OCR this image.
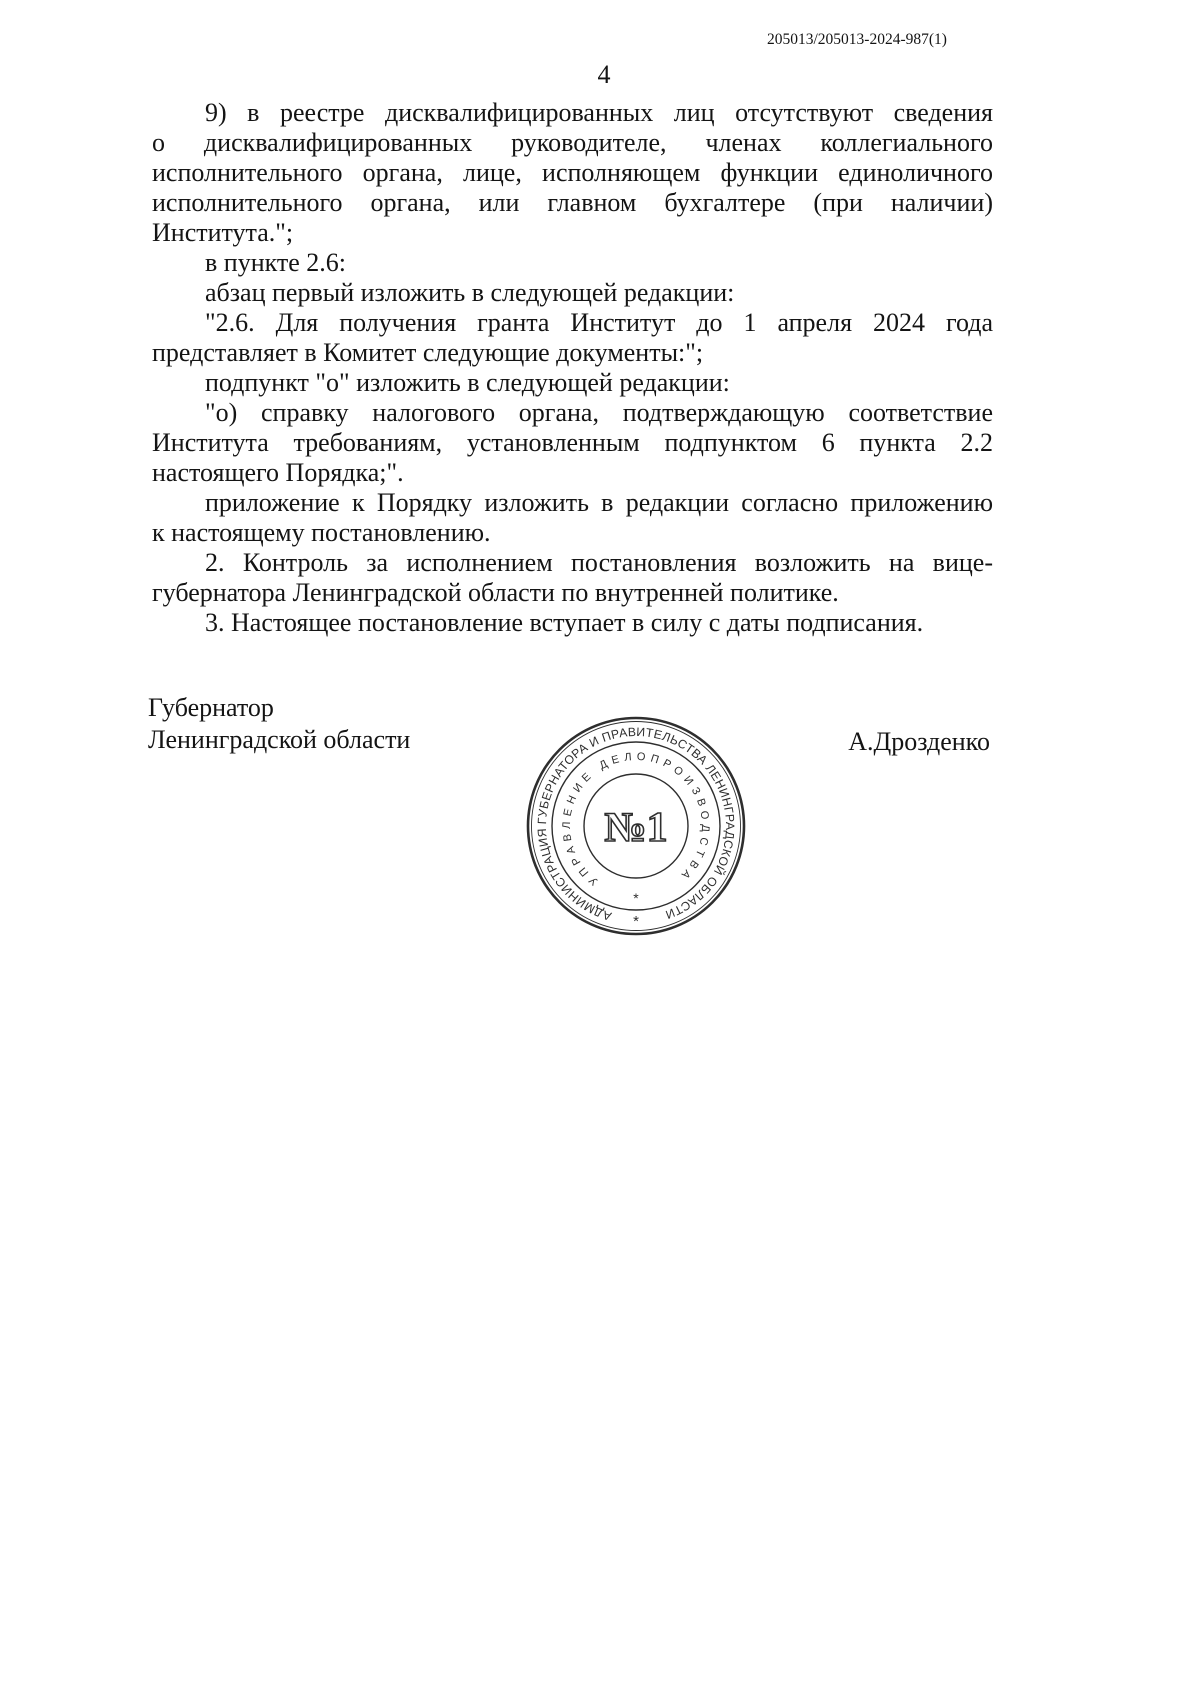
205013/205013-2024-987(1)
4
9) в реестре дисквалифицированных лиц отсутствуют сведения
о дисквалифицированных руководителе, членах коллегиального
исполнительного органа, лице, исполняющем функции единоличного
исполнительного органа, или главном бухгалтере (при наличии)
Института.";
в пункте 2.6:
абзац первый изложить в следующей редакции:
"2.6. Для получения гранта Институт до 1 апреля 2024 года
представляет в Комитет следующие документы:";
подпункт "о" изложить в следующей редакции:
"о) справку налогового органа, подтверждающую соответствие
Института требованиям, установленным подпунктом 6 пункта 2.2
настоящего Порядка;".
приложение к Порядку изложить в редакции согласно приложению
к настоящему постановлению.
2. Контроль за исполнением постановления возложить на вице-
губернатора Ленинградской области по внутренней политике.
3. Настоящее постановление вступает в силу с даты подписания.
Губернатор
Ленинградской области	А.Дрозденко
АДМИНИСТРАЦИЯ ГУБЕРНАТОРА И ПРАВИТЕЛЬСТВА ЛЕНИНГРАДСКОЙ ОБЛАСТИ
УПРАВЛЕНИЕ ДЕЛОПРОИЗВОДСТВА
№1
*
*
